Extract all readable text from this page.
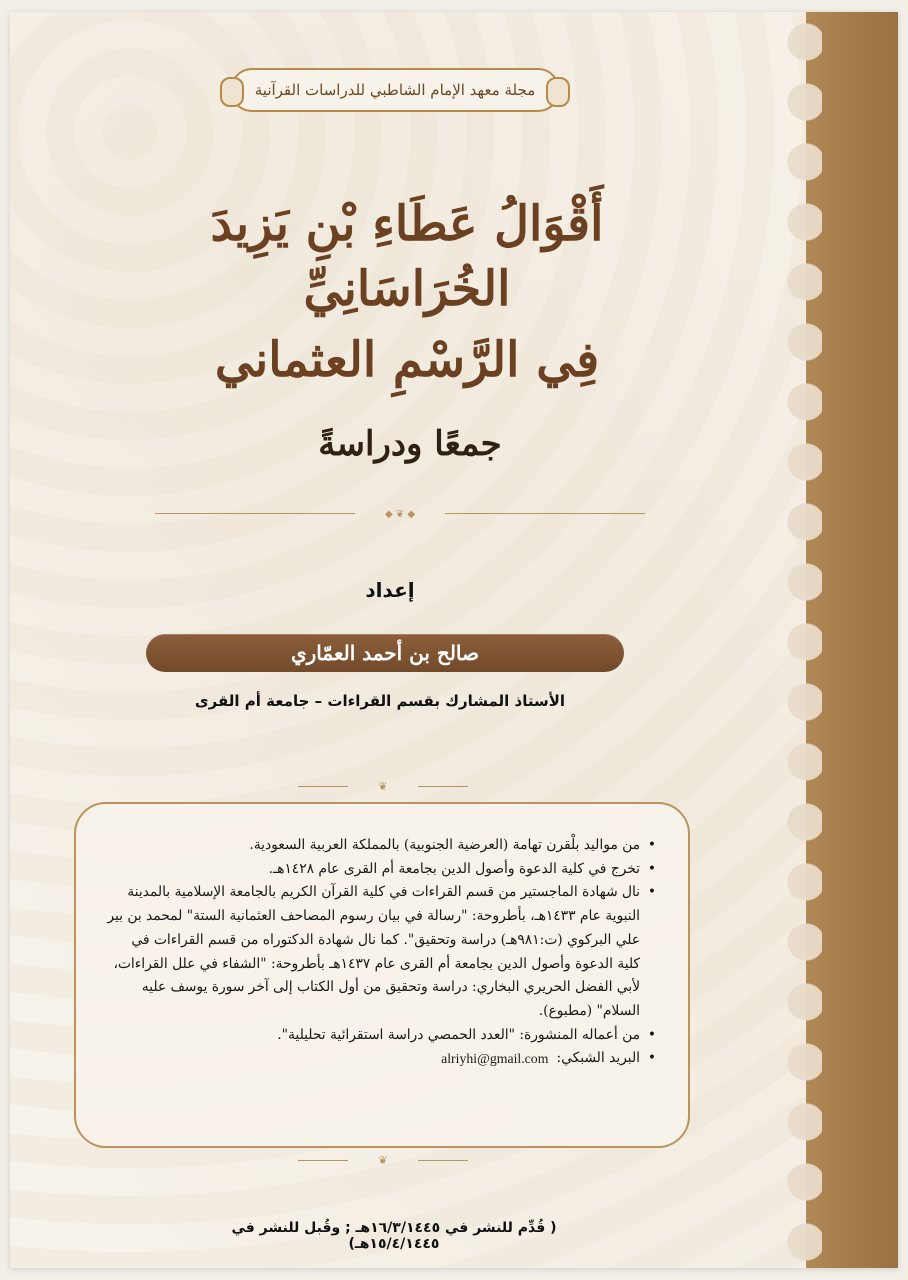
مجلة معهد الإمام الشاطبي للدراسات القرآنية
أَقْوَالُ عَطَاءِ بْنِ يَزِيدَ الخُرَاسَانِيِّ
فِي الرَّسْمِ العثماني
جمعًا ودراسةً
◆ ❦ ◆
إعداد
صالح بن أحمد العمّاري
الأستاذ المشارك بقسم القراءات – جامعة أم القرى
❦
• من مواليد بلْقرن تهامة (العرضية الجنوبية) بالمملكة العربية السعودية.
• تخرج في كلية الدعوة وأصول الدين بجامعة أم القرى عام ١٤٢٨هـ.
• نال شهادة الماجستير من قسم القراءات في كلية القرآن الكريم بالجامعة الإسلامية بالمدينة النبوية عام ١٤٣٣هـ، بأطروحة: "رسالة في بيان رسوم المصاحف العثمانية الستة" لمحمد بن بير علي البركوي (ت:٩٨١هـ) دراسة وتحقيق". كما نال شهادة الدكتوراه من قسم القراءات في كلية الدعوة وأصول الدين بجامعة أم القرى عام ١٤٣٧هـ بأطروحة: "الشفاء في علل القراءات، لأبي الفضل الحريري البخاري: دراسة وتحقيق من أول الكتاب إلى آخر سورة يوسف عليه السلام" (مطبوع).
• من أعماله المنشورة: "العدد الحمصي دراسة استقرائية تحليلية".
• البريد الشبكي:
alriyhi@gmail.com
❦
( قُدِّم للنشر في ١٦/٣/١٤٤٥هـ ; وقُبل للنشر في ١٥/٤/١٤٤٥هـ)
